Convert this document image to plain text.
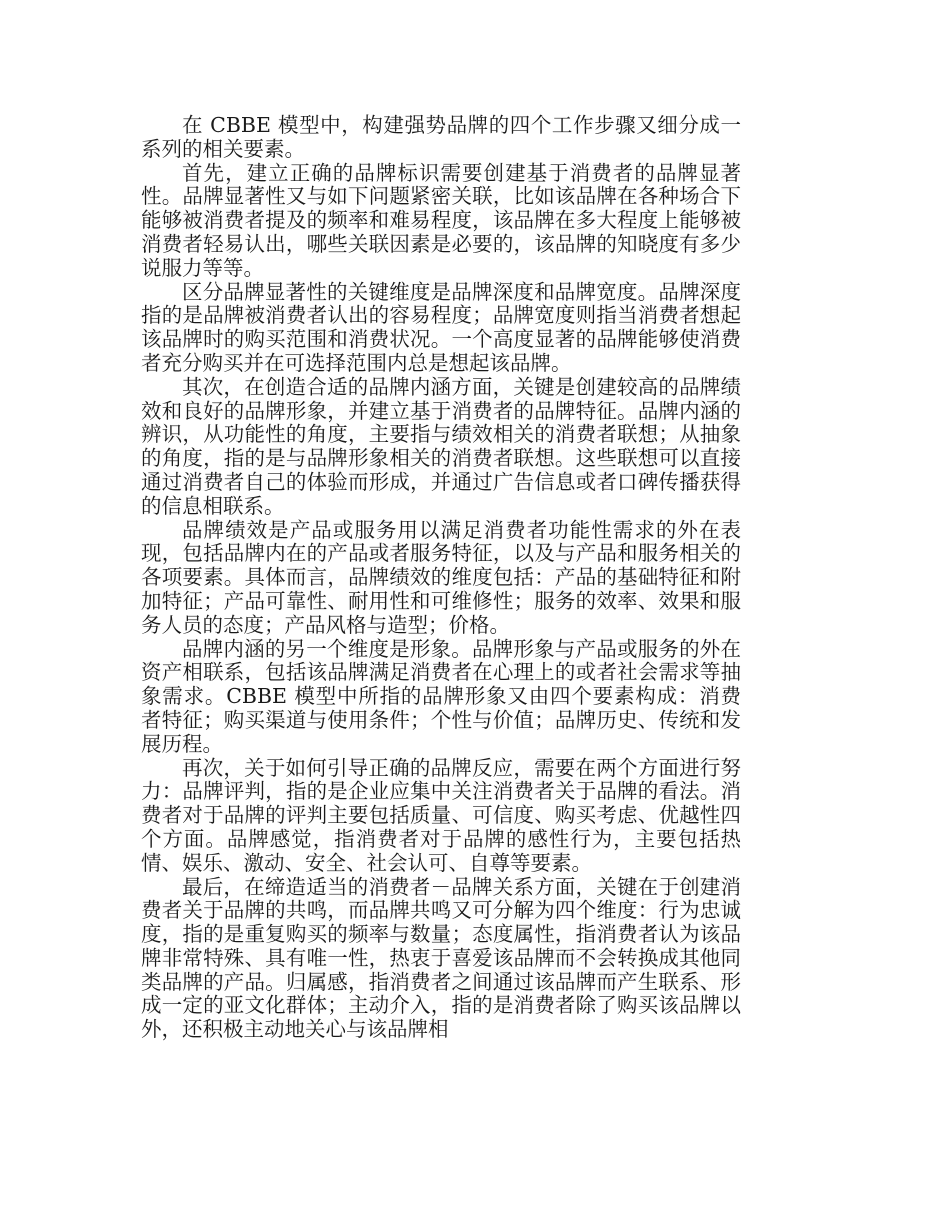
在 CBBE 模型中，构建强势品牌的四个工作步骤又细分成一系列的相关要素。

首先，建立正确的品牌标识需要创建基于消费者的品牌显著性。品牌显著性又与如下问题紧密关联，比如该品牌在各种场合下能够被消费者提及的频率和难易程度，该品牌在多大程度上能够被消费者轻易认出，哪些关联因素是必要的，该品牌的知晓度有多少说服力等等。

区分品牌显著性的关键维度是品牌深度和品牌宽度。品牌深度指的是品牌被消费者认出的容易程度；品牌宽度则指当消费者想起该品牌时的购买范围和消费状况。一个高度显著的品牌能够使消费者充分购买并在可选择范围内总是想起该品牌。

其次，在创造合适的品牌内涵方面，关键是创建较高的品牌绩效和良好的品牌形象，并建立基于消费者的品牌特征。品牌内涵的辨识，从功能性的角度，主要指与绩效相关的消费者联想；从抽象的角度，指的是与品牌形象相关的消费者联想。这些联想可以直接通过消费者自己的体验而形成，并通过广告信息或者口碑传播获得的信息相联系。

品牌绩效是产品或服务用以满足消费者功能性需求的外在表现，包括品牌内在的产品或者服务特征，以及与产品和服务相关的各项要素。具体而言，品牌绩效的维度包括：产品的基础特征和附加特征；产品可靠性、耐用性和可维修性；服务的效率、效果和服务人员的态度；产品风格与造型；价格。

品牌内涵的另一个维度是形象。品牌形象与产品或服务的外在资产相联系，包括该品牌满足消费者在心理上的或者社会需求等抽象需求。CBBE 模型中所指的品牌形象又由四个要素构成：消费者特征；购买渠道与使用条件；个性与价值；品牌历史、传统和发展历程。

再次，关于如何引导正确的品牌反应，需要在两个方面进行努力：品牌评判，指的是企业应集中关注消费者关于品牌的看法。消费者对于品牌的评判主要包括质量、可信度、购买考虑、优越性四个方面。品牌感觉，指消费者对于品牌的感性行为，主要包括热情、娱乐、激动、安全、社会认可、自尊等要素。

最后，在缔造适当的消费者－品牌关系方面，关键在于创建消费者关于品牌的共鸣，而品牌共鸣又可分解为四个维度：行为忠诚度，指的是重复购买的频率与数量；态度属性，指消费者认为该品牌非常特殊、具有唯一性，热衷于喜爱该品牌而不会转换成其他同类品牌的产品。归属感，指消费者之间通过该品牌而产生联系、形成一定的亚文化群体；主动介入，指的是消费者除了购买该品牌以外，还积极主动地关心与该品牌相
